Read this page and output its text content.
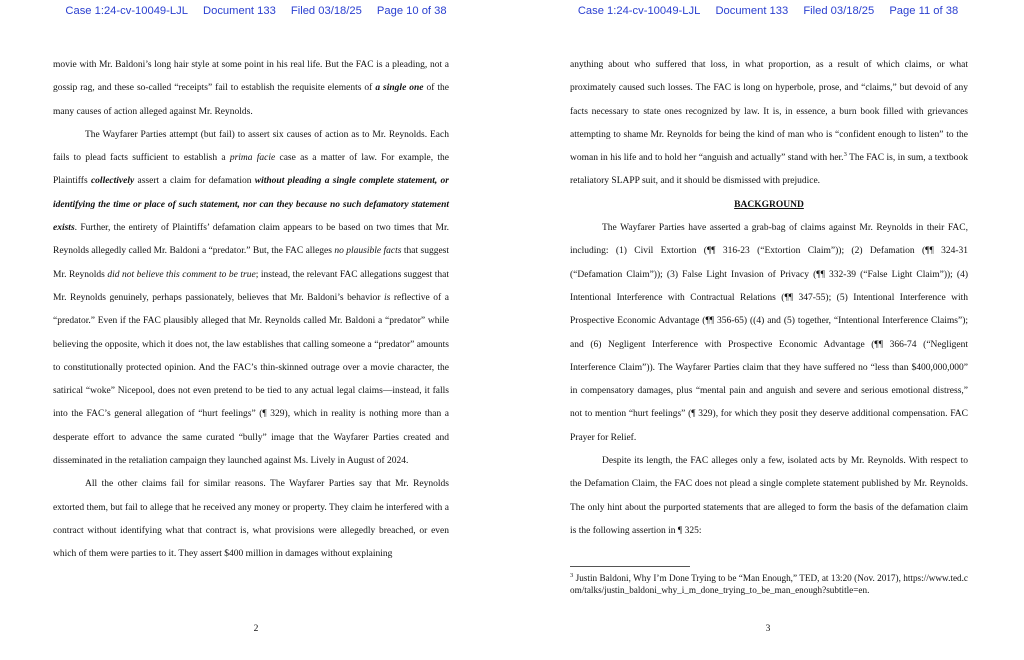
Case 1:24-cv-10049-LJL Document 133 Filed 03/18/25 Page 10 of 38

movie with Mr. Baldoni’s long hair style at some point in his real life. But the FAC is a pleading, not a gossip rag, and these so-called “receipts” fail to establish the requisite elements of a single one of the many causes of action alleged against Mr. Reynolds.

The Wayfarer Parties attempt (but fail) to assert six causes of action as to Mr. Reynolds. Each fails to plead facts sufficient to establish a prima facie case as a matter of law. For example, the Plaintiffs collectively assert a claim for defamation without pleading a single complete statement, or identifying the time or place of such statement, nor can they because no such defamatory statement exists. Further, the entirety of Plaintiffs’ defamation claim appears to be based on two times that Mr. Reynolds allegedly called Mr. Baldoni a “predator.” But, the FAC alleges no plausible facts that suggest Mr. Reynolds did not believe this comment to be true; instead, the relevant FAC allegations suggest that Mr. Reynolds genuinely, perhaps passionately, believes that Mr. Baldoni’s behavior is reflective of a “predator.” Even if the FAC plausibly alleged that Mr. Reynolds called Mr. Baldoni a “predator” while believing the opposite, which it does not, the law establishes that calling someone a “predator” amounts to constitutionally protected opinion. And the FAC’s thin-skinned outrage over a movie character, the satirical “woke” Nicepool, does not even pretend to be tied to any actual legal claims—instead, it falls into the FAC’s general allegation of “hurt feelings” (¶ 329), which in reality is nothing more than a desperate effort to advance the same curated “bully” image that the Wayfarer Parties created and disseminated in the retaliation campaign they launched against Ms. Lively in August of 2024.

All the other claims fail for similar reasons. The Wayfarer Parties say that Mr. Reynolds extorted them, but fail to allege that he received any money or property. They claim he interfered with a contract without identifying what that contract is, what provisions were allegedly breached, or even which of them were parties to it. They assert $400 million in damages without explaining

2
Case 1:24-cv-10049-LJL Document 133 Filed 03/18/25 Page 11 of 38

anything about who suffered that loss, in what proportion, as a result of which claims, or what proximately caused such losses. The FAC is long on hyperbole, prose, and “claims,” but devoid of any facts necessary to state ones recognized by law. It is, in essence, a burn book filled with grievances attempting to shame Mr. Reynolds for being the kind of man who is “confident enough to listen” to the woman in his life and to hold her “anguish and actually” stand with her.$^3$ The FAC is, in sum, a textbook retaliatory SLAPP suit, and it should be dismissed with prejudice.

BACKGROUND

The Wayfarer Parties have asserted a grab-bag of claims against Mr. Reynolds in their FAC, including: (1) Civil Extortion (¶¶ 316-23 (“Extortion Claim”)); (2) Defamation (¶¶ 324-31 (“Defamation Claim”)); (3) False Light Invasion of Privacy (¶¶ 332-39 (“False Light Claim”)); (4) Intentional Interference with Contractual Relations (¶¶ 347-55); (5) Intentional Interference with Prospective Economic Advantage (¶¶ 356-65) ((4) and (5) together, “Intentional Interference Claims”); and (6) Negligent Interference with Prospective Economic Advantage (¶¶ 366-74 (“Negligent Interference Claim”)). The Wayfarer Parties claim that they have suffered no “less than $400,000,000” in compensatory damages, plus “mental pain and anguish and severe and serious emotional distress,” not to mention “hurt feelings” (¶ 329), for which they posit they deserve additional compensation. FAC Prayer for Relief.

Despite its length, the FAC alleges only a few, isolated acts by Mr. Reynolds. With respect to the Defamation Claim, the FAC does not plead a single complete statement published by Mr. Reynolds. The only hint about the purported statements that are alleged to form the basis of the defamation claim is the following assertion in ¶ 325:

$^3$ Justin Baldoni, Why I’m Done Trying to be “Man Enough,” TED, at 13:20 (Nov. 2017), https://www.ted.com/talks/justin_baldoni_why_i_m_done_trying_to_be_man_enough?subtitle=en.
3
